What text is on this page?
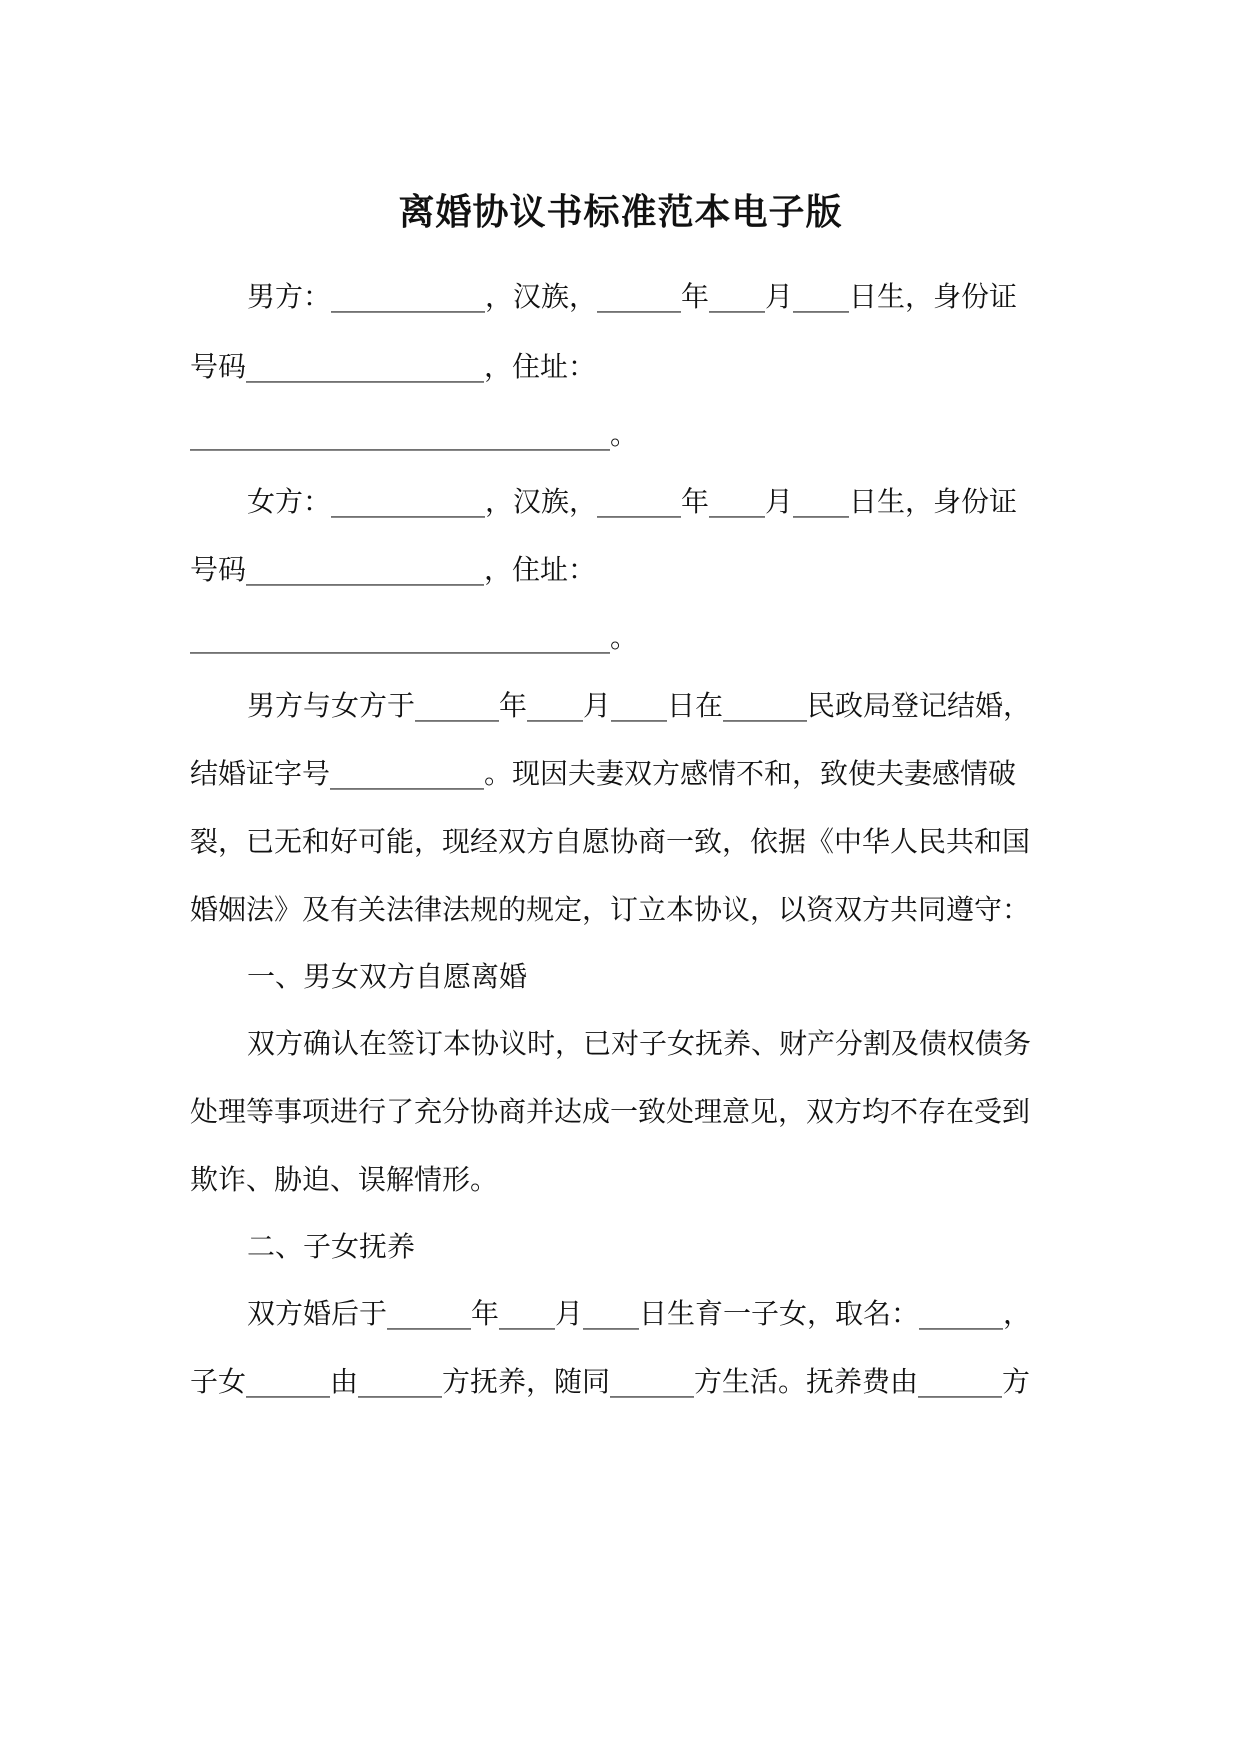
离婚协议书标准范本电子版
男方：___________，汉族，______年____月____日生，身份证
号码_________________，住址：
______________________________。
女方：___________，汉族，______年____月____日生，身份证
号码_________________，住址：
______________________________。
男方与女方于______年____月____日在______民政局登记结婚，
结婚证字号___________。现因夫妻双方感情不和，致使夫妻感情破
裂，已无和好可能，现经双方自愿协商一致，依据《中华人民共和国
婚姻法》及有关法律法规的规定，订立本协议，以资双方共同遵守：
一、男女双方自愿离婚
双方确认在签订本协议时，已对子女抚养、财产分割及债权债务
处理等事项进行了充分协商并达成一致处理意见，双方均不存在受到
欺诈、胁迫、误解情形。
二、子女抚养
双方婚后于______年____月____日生育一子女，取名：______，
子女______由______方抚养，随同______方生活。抚养费由______方
